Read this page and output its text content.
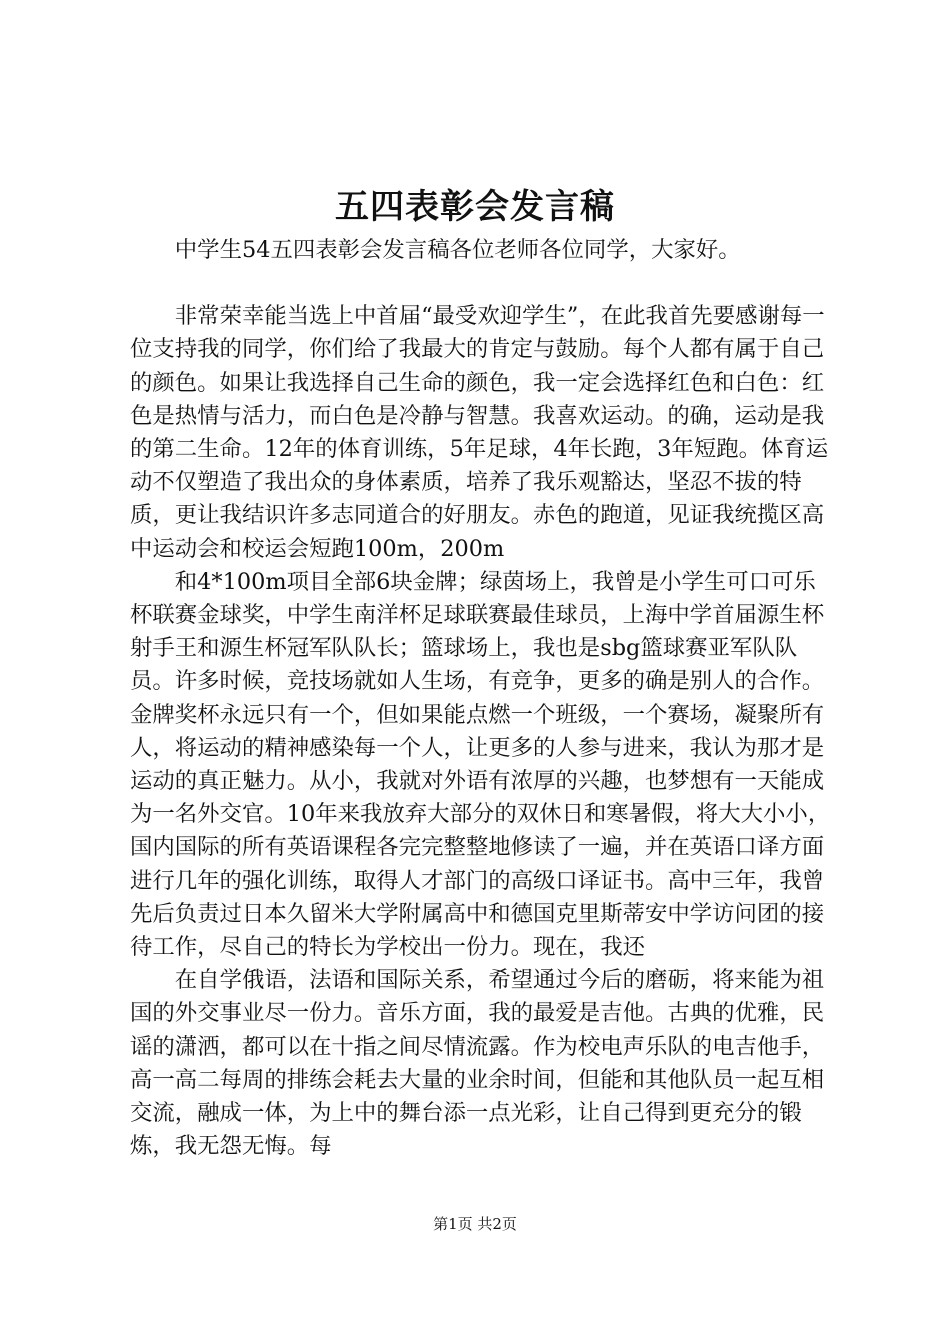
五四表彰会发言稿

中学生54五四表彰会发言稿各位老师各位同学，大家好。

非常荣幸能当选上中首届“最受欢迎学生”，在此我首先要感谢每一位支持我的同学，你们给了我最大的肯定与鼓励。每个人都有属于自己的颜色。如果让我选择自己生命的颜色，我一定会选择红色和白色：红色是热情与活力，而白色是冷静与智慧。我喜欢运动。的确，运动是我的第二生命。12年的体育训练，5年足球，4年长跑，3年短跑。体育运动不仅塑造了我出众的身体素质，培养了我乐观豁达，坚忍不拔的特质，更让我结识许多志同道合的好朋友。赤色的跑道，见证我统揽区高中运动会和校运会短跑100m，200m

和4*100m项目全部6块金牌；绿茵场上，我曾是小学生可口可乐杯联赛金球奖，中学生南洋杯足球联赛最佳球员，上海中学首届源生杯射手王和源生杯冠军队队长；篮球场上，我也是sbg篮球赛亚军队队员。许多时候，竞技场就如人生场，有竞争，更多的确是别人的合作。金牌奖杯永远只有一个，但如果能点燃一个班级，一个赛场，凝聚所有人，将运动的精神感染每一个人，让更多的人参与进来，我认为那才是运动的真正魅力。从小，我就对外语有浓厚的兴趣，也梦想有一天能成为一名外交官。10年来我放弃大部分的双休日和寒暑假，将大大小小，国内国际的所有英语课程各完完整整地修读了一遍，并在英语口译方面进行几年的强化训练，取得人才部门的高级口译证书。高中三年，我曾先后负责过日本久留米大学附属高中和德国克里斯蒂安中学访问团的接待工作，尽自己的特长为学校出一份力。现在，我还

在自学俄语，法语和国际关系，希望通过今后的磨砺，将来能为祖国的外交事业尽一份力。音乐方面，我的最爱是吉他。古典的优雅，民谣的潇洒，都可以在十指之间尽情流露。作为校电声乐队的电吉他手，高一高二每周的排练会耗去大量的业余时间，但能和其他队员一起互相交流，融成一体，为上中的舞台添一点光彩，让自己得到更充分的锻炼，我无怨无悔。每

第1页 共2页
